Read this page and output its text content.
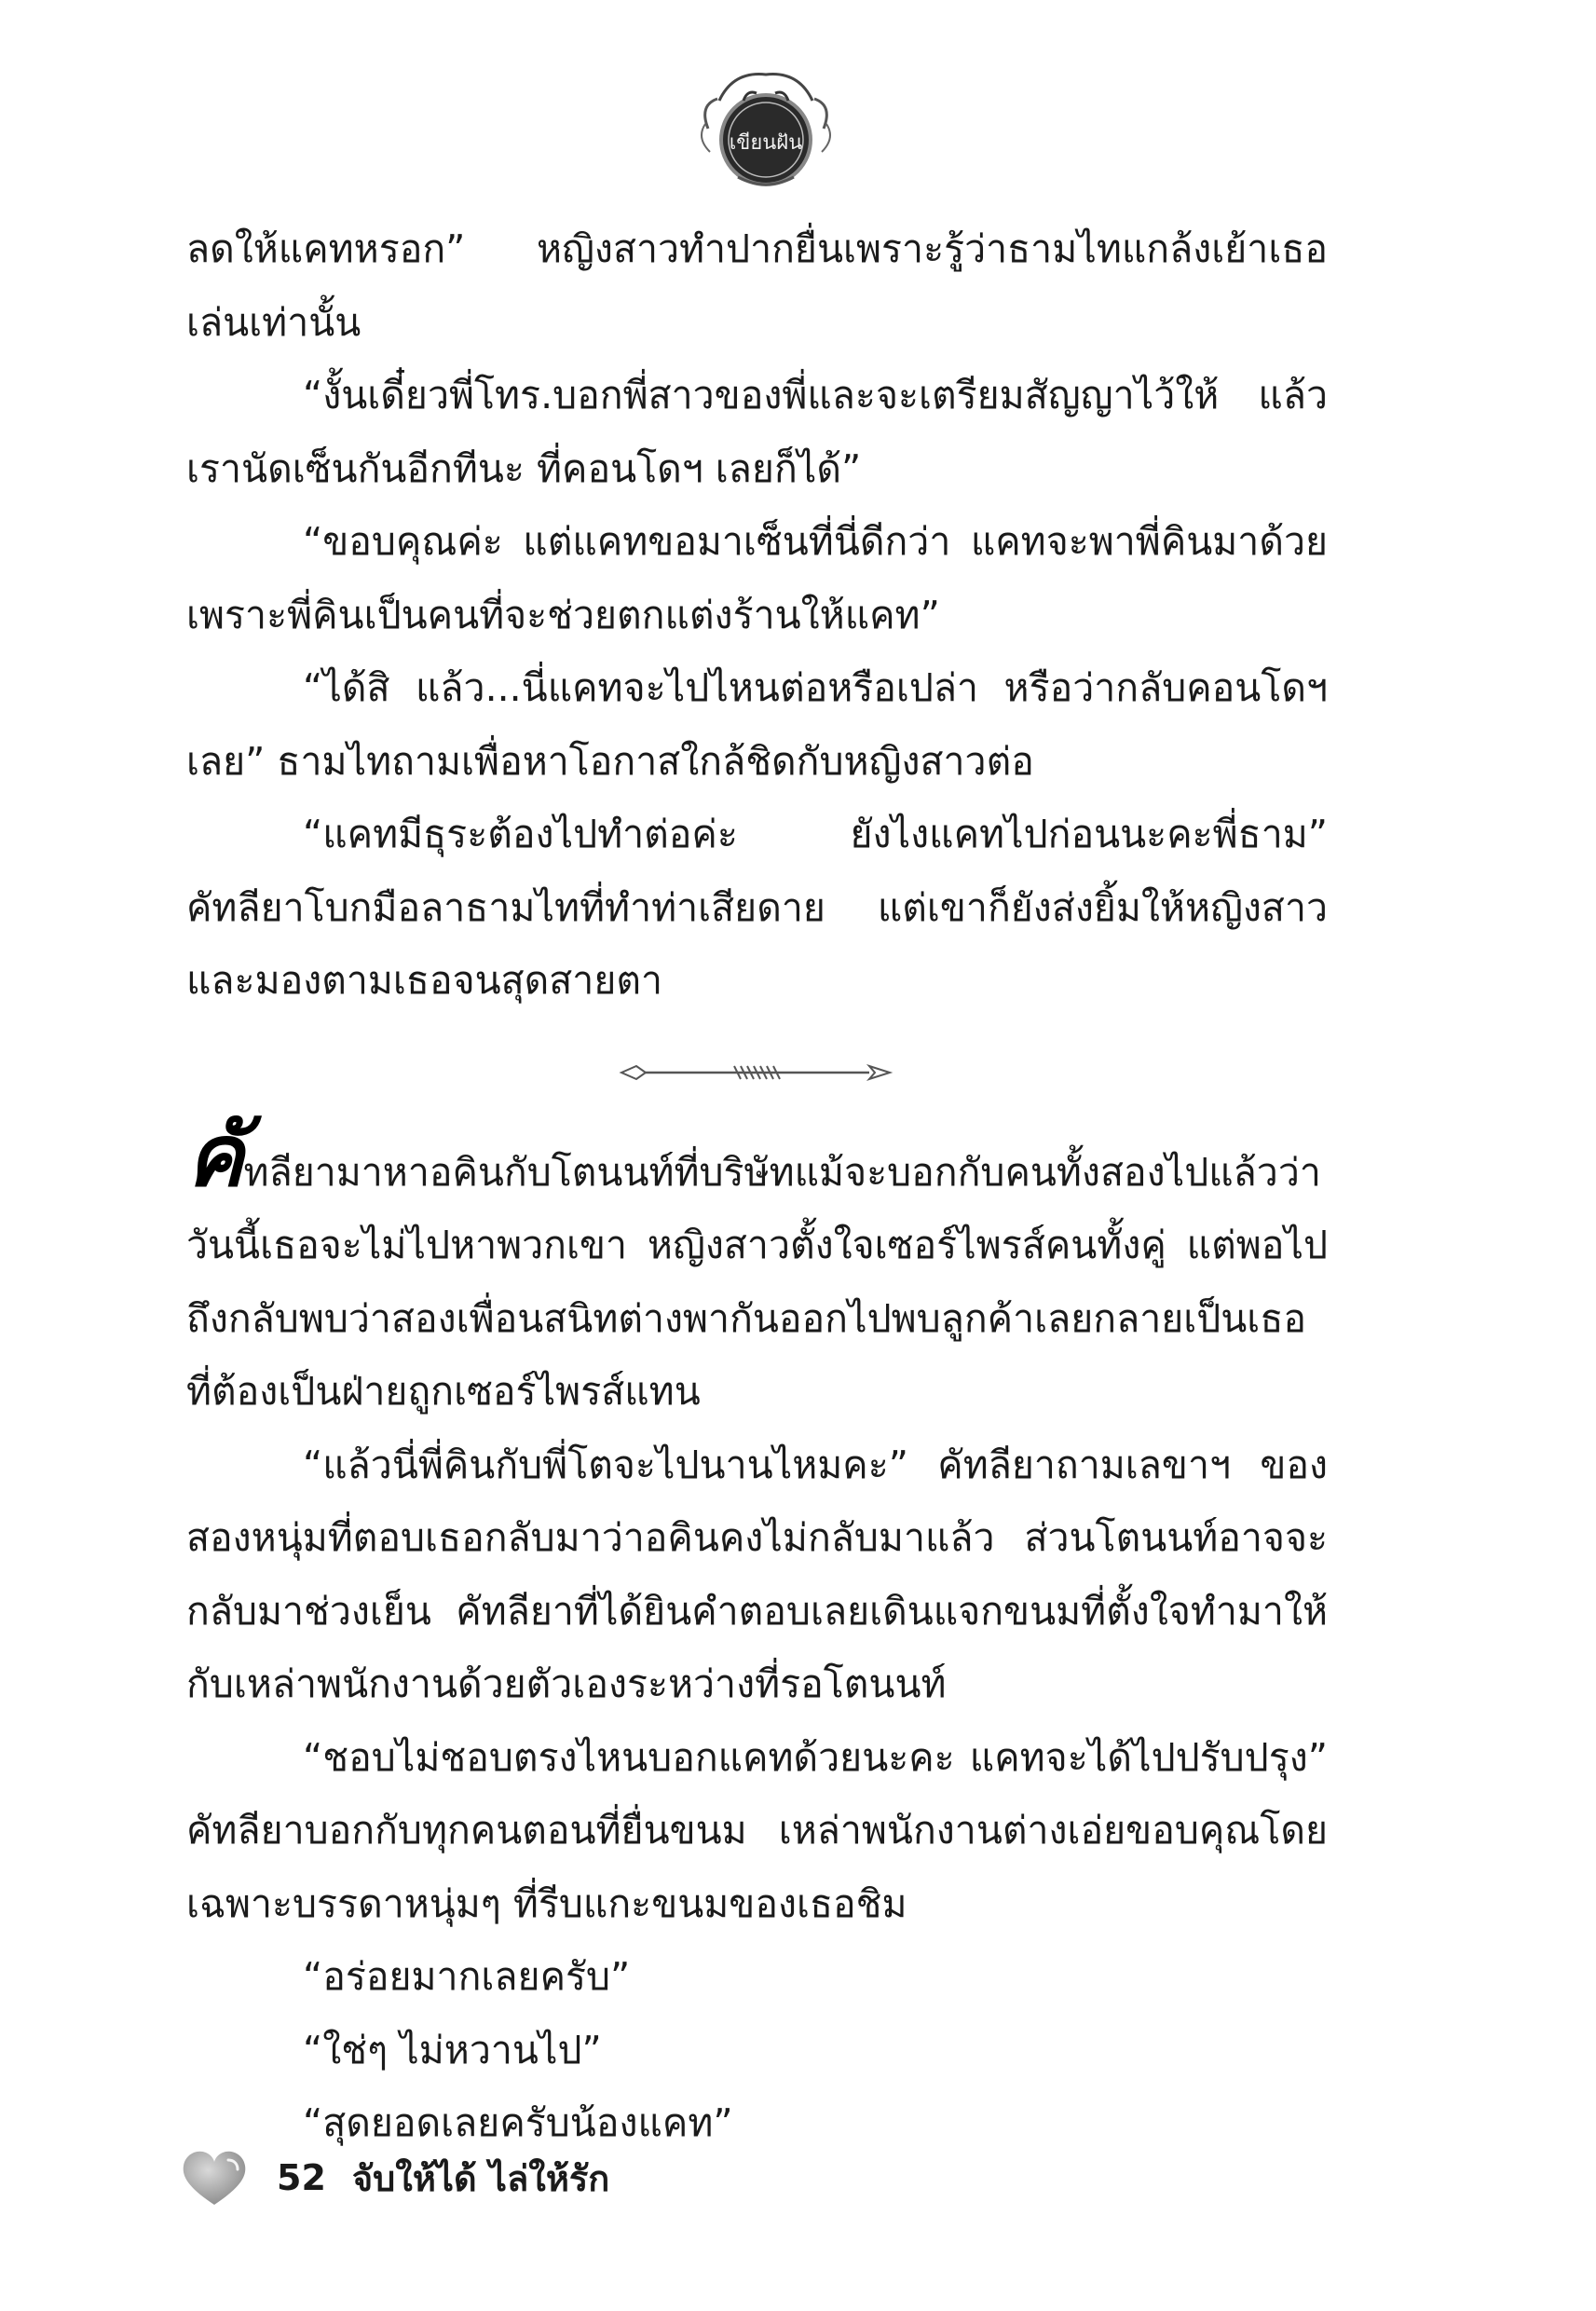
เขียนฝัน

ลดให้แคทหรอก” หญิงสาวทำปากยื่นเพราะรู้ว่าธามไทแกล้งเย้าเธอเล่นเท่านั้น

“งั้นเดี๋ยวพี่โทร.บอกพี่สาวของพี่และจะเตรียมสัญญาไว้ให้ แล้วเรานัดเซ็นกันอีกทีนะ ที่คอนโดฯ เลยก็ได้”

“ขอบคุณค่ะ แต่แคทขอมาเซ็นที่นี่ดีกว่า แคทจะพาพี่คินมาด้วยเพราะพี่คินเป็นคนที่จะช่วยตกแต่งร้านให้แคท”

“ได้สิ แล้ว...นี่แคทจะไปไหนต่อหรือเปล่า หรือว่ากลับคอนโดฯเลย” ธามไทถามเพื่อหาโอกาสใกล้ชิดกับหญิงสาวต่อ

“แคทมีธุระต้องไปทำต่อค่ะ ยังไงแคทไปก่อนนะคะพี่ธาม” คัทลียาโบกมือลาธามไทที่ทำท่าเสียดาย แต่เขาก็ยังส่งยิ้มให้หญิงสาวและมองตามเธอจนสุดสายตา

คัทลียามาหาอคินกับโตนนท์ที่บริษัทแม้จะบอกกับคนทั้งสองไปแล้วว่าวันนี้เธอจะไม่ไปหาพวกเขา หญิงสาวตั้งใจเซอร์ไพรส์คนทั้งคู่ แต่พอไปถึงกลับพบว่าสองเพื่อนสนิทต่างพากันออกไปพบลูกค้าเลยกลายเป็นเธอที่ต้องเป็นฝ่ายถูกเซอร์ไพรส์แทน

“แล้วนี่พี่คินกับพี่โตจะไปนานไหมคะ” คัทลียาถามเลขาฯ ของสองหนุ่มที่ตอบเธอกลับมาว่าอคินคงไม่กลับมาแล้ว ส่วนโตนนท์อาจจะกลับมาช่วงเย็น คัทลียาที่ได้ยินคำตอบเลยเดินแจกขนมที่ตั้งใจทำมาให้กับเหล่าพนักงานด้วยตัวเองระหว่างที่รอโตนนท์

“ชอบไม่ชอบตรงไหนบอกแคทด้วยนะคะ แคทจะได้ไปปรับปรุง” คัทลียาบอกกับทุกคนตอนที่ยื่นขนม เหล่าพนักงานต่างเอ่ยขอบคุณโดยเฉพาะบรรดาหนุ่มๆ ที่รีบแกะขนมของเธอชิม

“อร่อยมากเลยครับ”

“ใช่ๆ ไม่หวานไป”

“สุดยอดเลยครับน้องแคท”

52 จับให้ได้ ไล่ให้รัก
